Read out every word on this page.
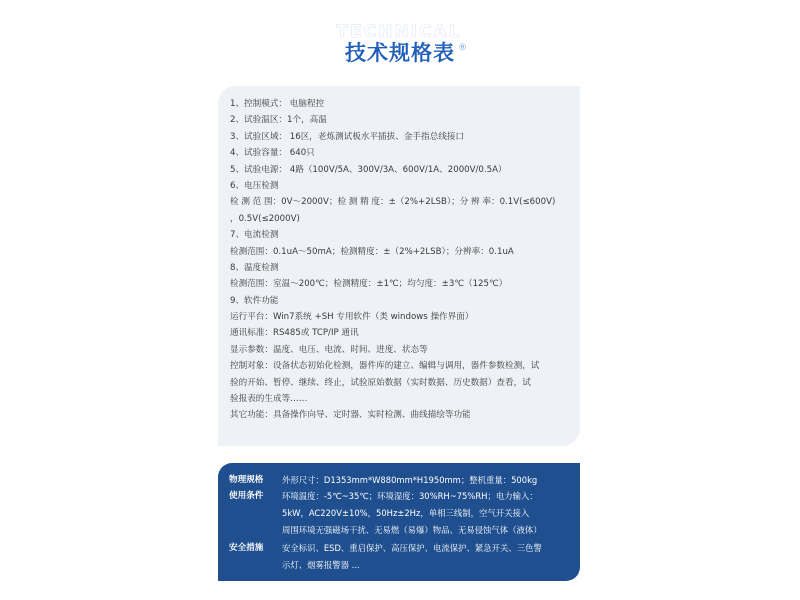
TECHNICAL
技术规格表 ®
1、控制模式： 电脑程控
2、试验温区：1个，高温
3、试验区域： 16区，老炼测试板水平插拔、金手指总线接口
4、试验容量： 640只
5、试验电源： 4路（100V/5A、300V/3A、600V/1A、2000V/0.5A）
6、电压检测
检 测 范 围：0V～2000V；检 测 精 度：±（2%+2LSB）；分 辨 率：0.1V(≤600V)
，0.5V(≤2000V)
7、电流检测
检测范围：0.1uA～50mA；检测精度：±（2%+2LSB）；分辨率：0.1uA
8、温度检测
检测范围：室温～200℃；检测精度：±1℃；均匀度：±3℃（125℃）
9、软件功能
运行平台：Win7系统 +SH 专用软件（类 windows 操作界面）
通讯标准：RS485或 TCP/IP 通讯
显示参数：温度、电压、电流、时间、进度、状态等
控制对象：设备状态初始化检测，器件库的建立、编辑与调用，器件参数检测，试
验的开始、暂停、继续、终止，试验原始数据（实时数据、历史数据）查看，试
验报表的生成等……
其它功能：具备操作向导、定时器、实时检测、曲线描绘等功能
物理规格 外形尺寸：D1353mm*W880mm*H1950mm；整机重量：500kg
使用条件 环境温度：-5℃~35℃；环境湿度：30%RH~75%RH；电力输入：
5kW，AC220V±10%，50Hz±2Hz，单相三线制，空气开关接入
周围环境无强磁场干扰、无易燃（易爆）物品、无易侵蚀气体（液体）
安全措施 安全标识、ESD、重启保护、高压保护、电流保护、紧急开关、三色警
示灯、烟雾报警器 ...
